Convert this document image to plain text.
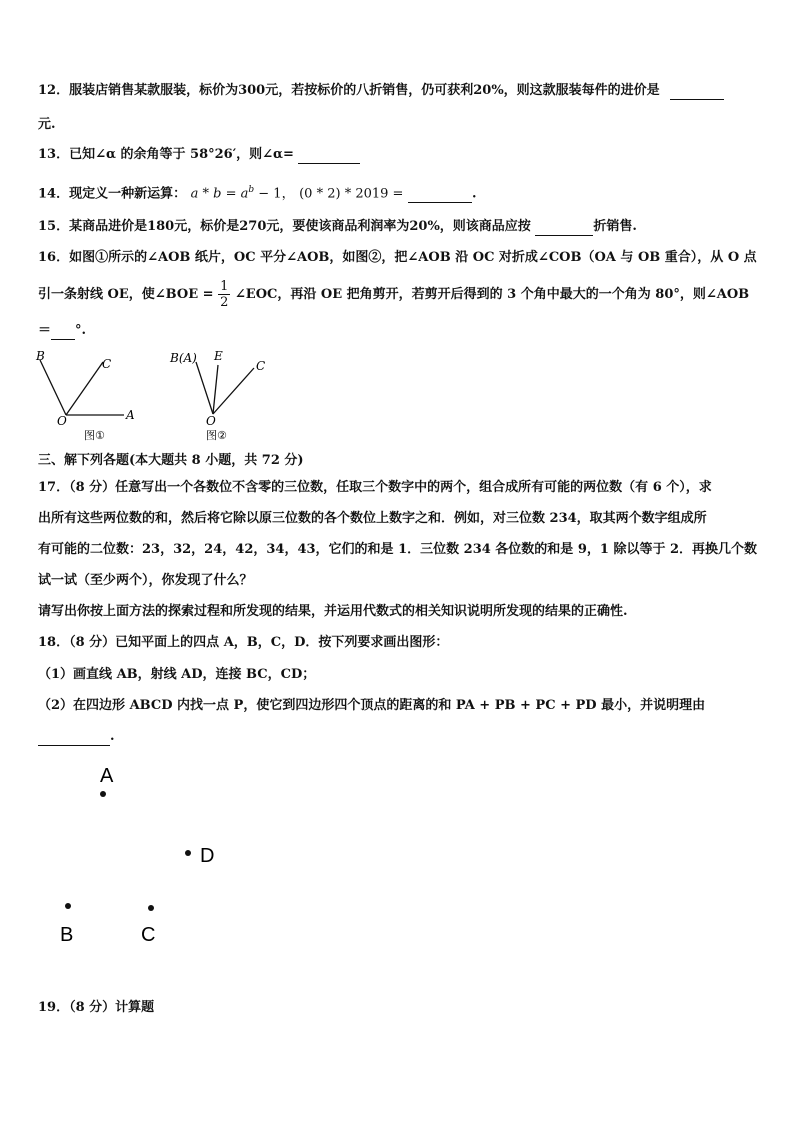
12．服装店销售某款服装，标价为300元，若按标价的八折销售，仍可获利20%，则这款服装每件的进价是
元.
13．已知∠α 的余角等于 58°26′，则∠α=
14．现定义一种新运算： $a * b = a^b - 1$， (0 * 2) * 2019 =	.
15．某商品进价是180元，标价是270元，要使该商品利润率为20%，则该商品应按	折销售.
16．如图①所示的∠AOB 纸片，OC 平分∠AOB，如图②，把∠AOB 沿 OC 对折成∠COB（OA 与 OB 重合），从 O 点
引一条射线 OE，使∠BOE = $\frac{1}{2}$ ∠EOC，再沿 OE 把角剪开，若剪开后得到的 3 个角中最大的一个角为 80°，则∠AOB
＝ °.
B
C
O	A
图①
B(A) E
C
O
图②
三、解下列各题(本大题共 8 小题，共 72 分)
17．（8 分）任意写出一个各数位不含零的三位数，任取三个数字中的两个，组合成所有可能的两位数（有 6 个），求
出所有这些两位数的和，然后将它除以原三位数的各个数位上数字之和．例如，对三位数 234，取其两个数字组成所
有可能的二位数：23，32，24，42，34，43，它们的和是 1．三位数 234 各位数的和是 9，1 除以等于 2．再换几个数
试一试（至少两个），你发现了什么？
请写出你按上面方法的探索过程和所发现的结果，并运用代数式的相关知识说明所发现的结果的正确性.
18．（8 分）已知平面上的四点 A，B，C，D．按下列要求画出图形：
（1）画直线 AB，射线 AD，连接 BC，CD；
（2）在四边形 ABCD 内找一点 P，使它到四边形四个顶点的距离的和 PA + PB + PC + PD 最小，并说明理由
.
A
D
B	C
19．（8 分）计算题
